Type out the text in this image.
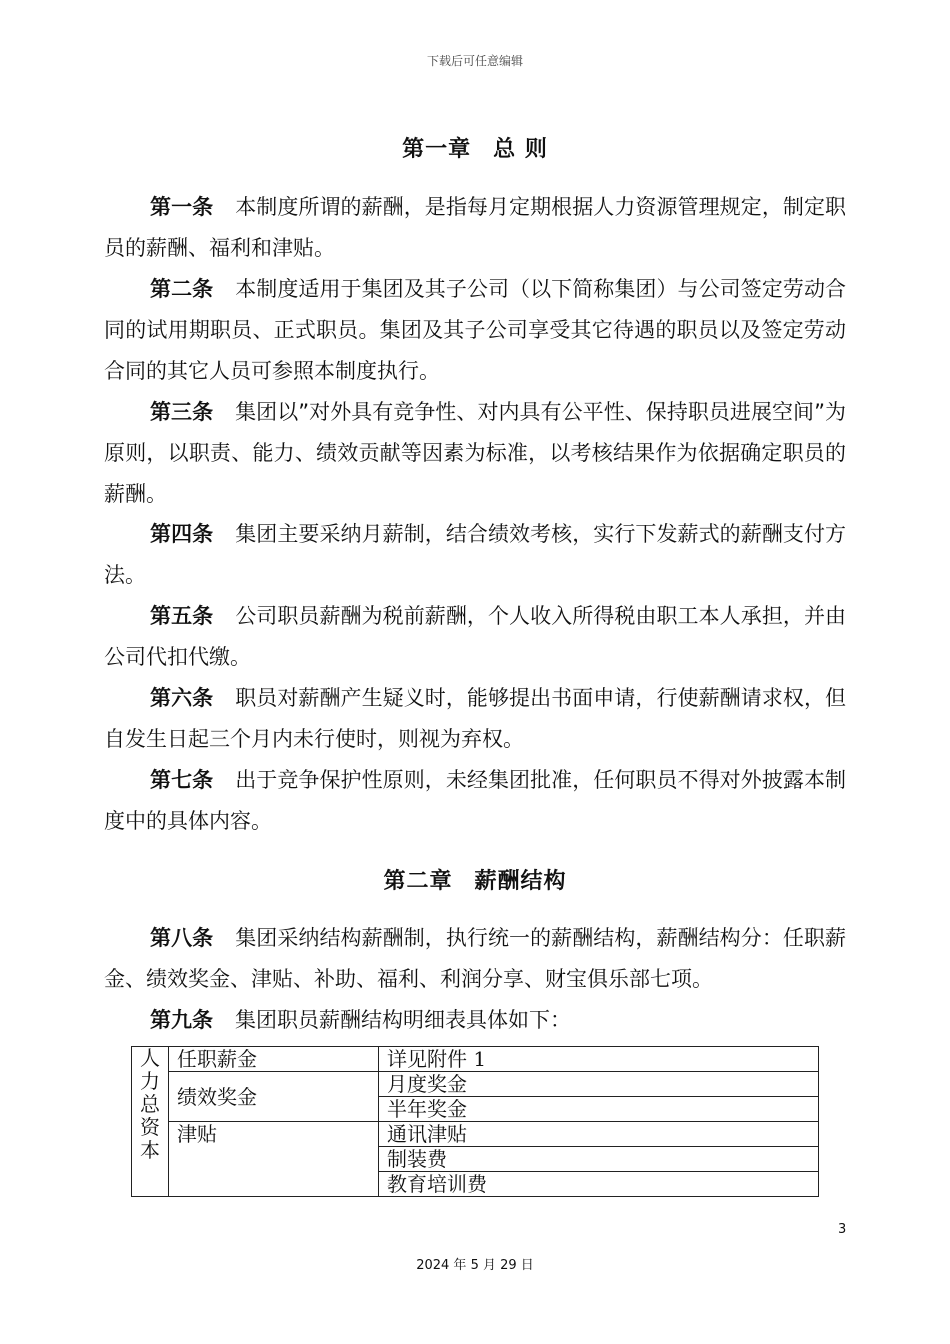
下载后可任意编辑
第一章 总 则
第一条 本制度所谓的薪酬，是指每月定期根据人力资源管理规定，制定职员的薪酬、福利和津贴。
第二条 本制度适用于集团及其子公司（以下简称集团）与公司签定劳动合同的试用期职员、正式职员。集团及其子公司享受其它待遇的职员以及签定劳动合同的其它人员可参照本制度执行。
第三条 集团以”对外具有竞争性、对内具有公平性、保持职员进展空间”为原则，以职责、能力、绩效贡献等因素为标准，以考核结果作为依据确定职员的薪酬。
第四条 集团主要采纳月薪制，结合绩效考核，实行下发薪式的薪酬支付方法。
第五条 公司职员薪酬为税前薪酬，个人收入所得税由职工本人承担，并由公司代扣代缴。
第六条 职员对薪酬产生疑义时，能够提出书面申请，行使薪酬请求权，但自发生日起三个月内未行使时，则视为弃权。
第七条 出于竞争保护性原则，未经集团批准，任何职员不得对外披露本制度中的具体内容。
第二章 薪酬结构
第八条 集团采纳结构薪酬制，执行统一的薪酬结构，薪酬结构分：任职薪金、绩效奖金、津贴、补助、福利、利润分享、财宝俱乐部七项。
第九条 集团职员薪酬结构明细表具体如下：
人
力
总
资
本	任职薪金	详见附件 1
	绩效奖金	月度奖金
		半年奖金
	津贴	通讯津贴
		制装费
		教育培训费
3
2024 年 5 月 29 日
